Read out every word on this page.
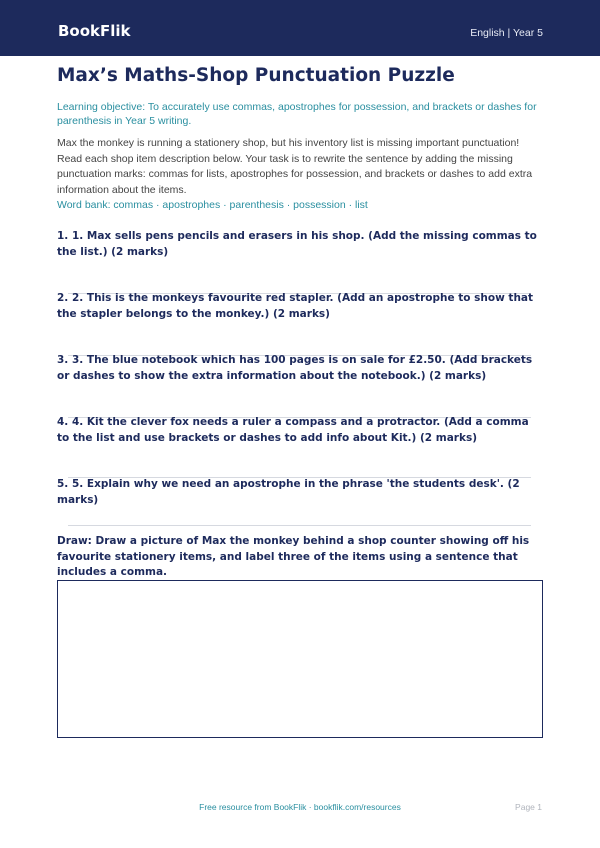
BookFlik	English | Year 5
Max’s Maths-Shop Punctuation Puzzle

Learning objective: To accurately use commas, apostrophes for possession, and brackets or dashes for parenthesis in Year 5 writing.

Max the monkey is running a stationery shop, but his inventory list is missing important punctuation! Read each shop item description below. Your task is to rewrite the sentence by adding the missing punctuation marks: commas for lists, apostrophes for possession, and brackets or dashes to add extra information about the items.

Word bank: commas · apostrophes · parenthesis · possession · list

1. 1. Max sells pens pencils and erasers in his shop. (Add the missing commas to the list.) (2 marks)

2. 2. This is the monkeys favourite red stapler. (Add an apostrophe to show that the stapler belongs to the monkey.) (2 marks)

3. 3. The blue notebook which has 100 pages is on sale for £2.50. (Add brackets or dashes to show the extra information about the notebook.) (2 marks)

4. 4. Kit the clever fox needs a ruler a compass and a protractor. (Add a comma to the list and use brackets or dashes to add info about Kit.) (2 marks)

5. 5. Explain why we need an apostrophe in the phrase 'the students desk'. (2 marks)

Draw: Draw a picture of Max the monkey behind a shop counter showing off his favourite stationery items, and label three of the items using a sentence that includes a comma.

Free resource from BookFlik · bookflik.com/resources	Page 1
